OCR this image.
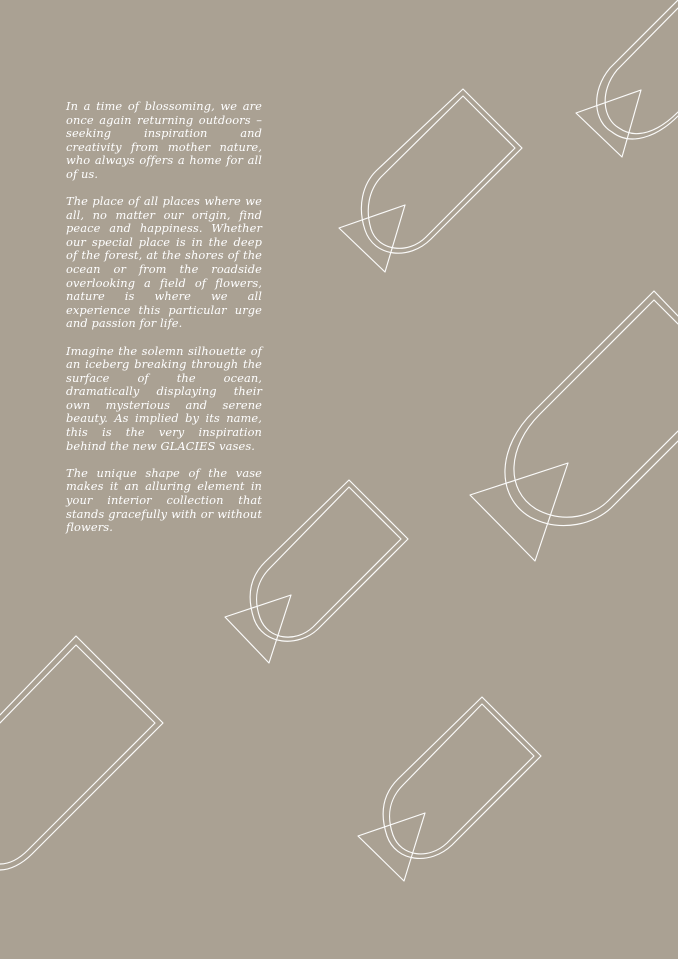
In a time of blossoming, we are once again returning outdoors – seeking inspiration and creativity from mother nature, who always offers a home for all of us.

The place of all places where we all, no matter our origin, find peace and happiness. Whether our special place is in the deep of the forest, at the shores of the ocean or from the roadside overlooking a field of flowers, nature is where we all experience this particular urge and passion for life.

Imagine the solemn silhouette of an iceberg breaking through the surface of the ocean, dramatically displaying their own mysterious and serene beauty. As implied by its name, this is the very inspiration behind the new GLACIES vases.

The unique shape of the vase makes it an alluring element in your interior collection that stands gracefully with or without flowers.
